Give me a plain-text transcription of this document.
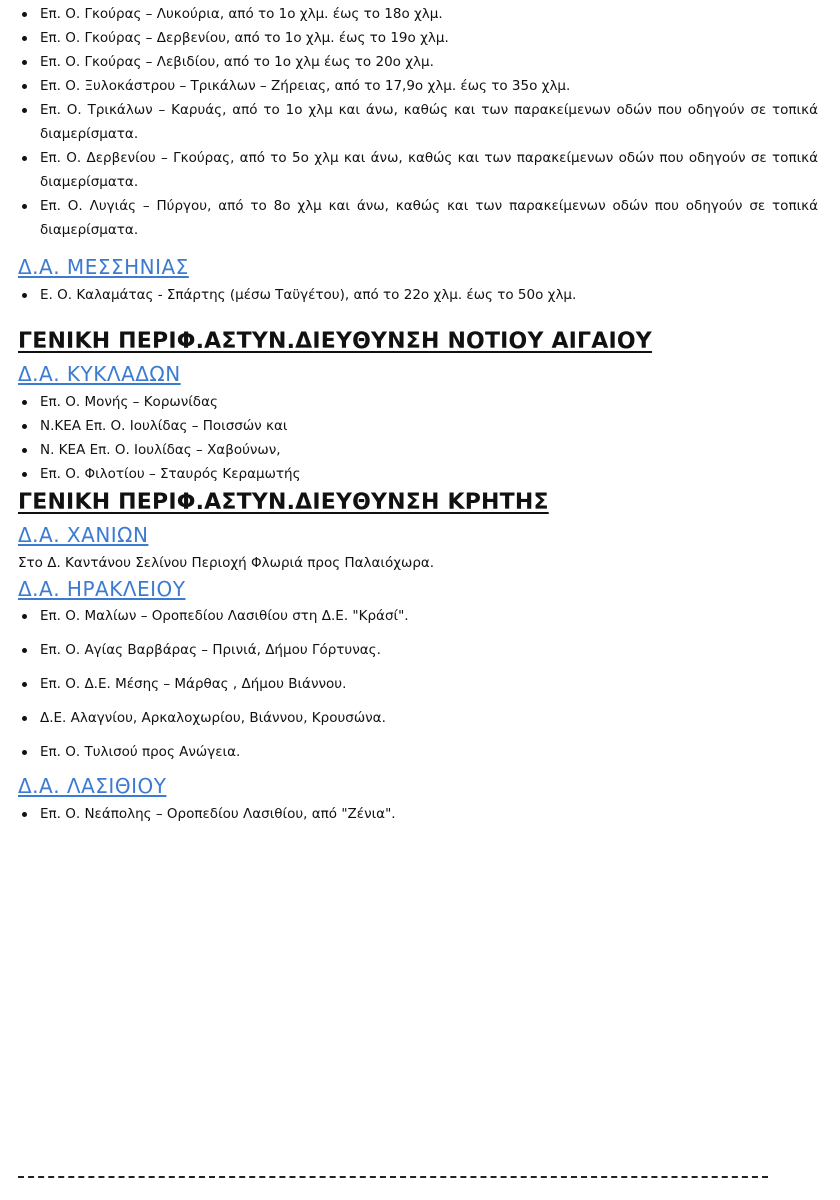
Επ. Ο. Γκούρας – Λυκούρια, από το 1ο χλμ. έως το 18ο χλμ.
Επ. Ο. Γκούρας – Δερβενίου, από το 1ο χλμ. έως το 19ο χλμ.
Επ. Ο. Γκούρας – Λεβιδίου, από το 1ο χλμ έως το 20ο χλμ.
Επ. Ο. Ξυλοκάστρου – Τρικάλων – Ζήρειας, από το 17,9ο χλμ. έως το 35ο χλμ.
Επ. Ο. Τρικάλων – Καρυάς, από το 1ο χλμ και άνω, καθώς και των παρακείμενων οδών που οδηγούν σε τοπικά διαμερίσματα.
Επ. Ο. Δερβενίου – Γκούρας, από το 5ο χλμ και άνω, καθώς και των παρακείμενων οδών που οδηγούν σε τοπικά διαμερίσματα.
Επ. Ο. Λυγιάς – Πύργου, από το 8ο χλμ και άνω, καθώς και των παρακείμενων οδών που οδηγούν σε τοπικά διαμερίσματα.
Δ.Α. ΜΕΣΣΗΝΙΑΣ
Ε. Ο. Καλαμάτας - Σπάρτης (μέσω Ταϋγέτου), από το 22ο χλμ. έως το 50ο χλμ.
ΓΕΝΙΚΗ ΠΕΡΙΦ.ΑΣΤΥΝ.ΔΙΕΥΘΥΝΣΗ ΝΟΤΙΟΥ ΑΙΓΑΙΟΥ
Δ.Α. ΚΥΚΛΑΔΩΝ
Επ. Ο. Μονής – Κορωνίδας
Ν.ΚΕΑ Επ. Ο. Ιουλίδας – Ποισσών και
Ν. ΚΕΑ Επ. Ο. Ιουλίδας – Χαβούνων,
Επ. Ο. Φιλοτίου – Σταυρός Κεραμωτής
ΓΕΝΙΚΗ ΠΕΡΙΦ.ΑΣΤΥΝ.ΔΙΕΥΘΥΝΣΗ ΚΡΗΤΗΣ
Δ.Α. ΧΑΝΙΩΝ

Στο Δ. Καντάνου Σελίνου Περιοχή Φλωριά προς Παλαιόχωρα.

Δ.Α. ΗΡΑΚΛΕΙΟΥ
Επ. Ο. Μαλίων – Οροπεδίου Λασιθίου στη Δ.Ε. "Κράσί".
Επ. Ο. Αγίας Βαρβάρας – Πρινιά, Δήμου Γόρτυνας.
Επ. Ο. Δ.Ε. Μέσης – Μάρθας , Δήμου Βιάννου.
Δ.Ε. Αλαγνίου, Αρκαλοχωρίου, Βιάννου, Κρουσώνα.
Επ. Ο. Τυλισού προς Ανώγεια.
Δ.Α. ΛΑΣΙΘΙΟΥ
Επ. Ο. Νεάπολης – Οροπεδίου Λασιθίου, από "Ζένια".
